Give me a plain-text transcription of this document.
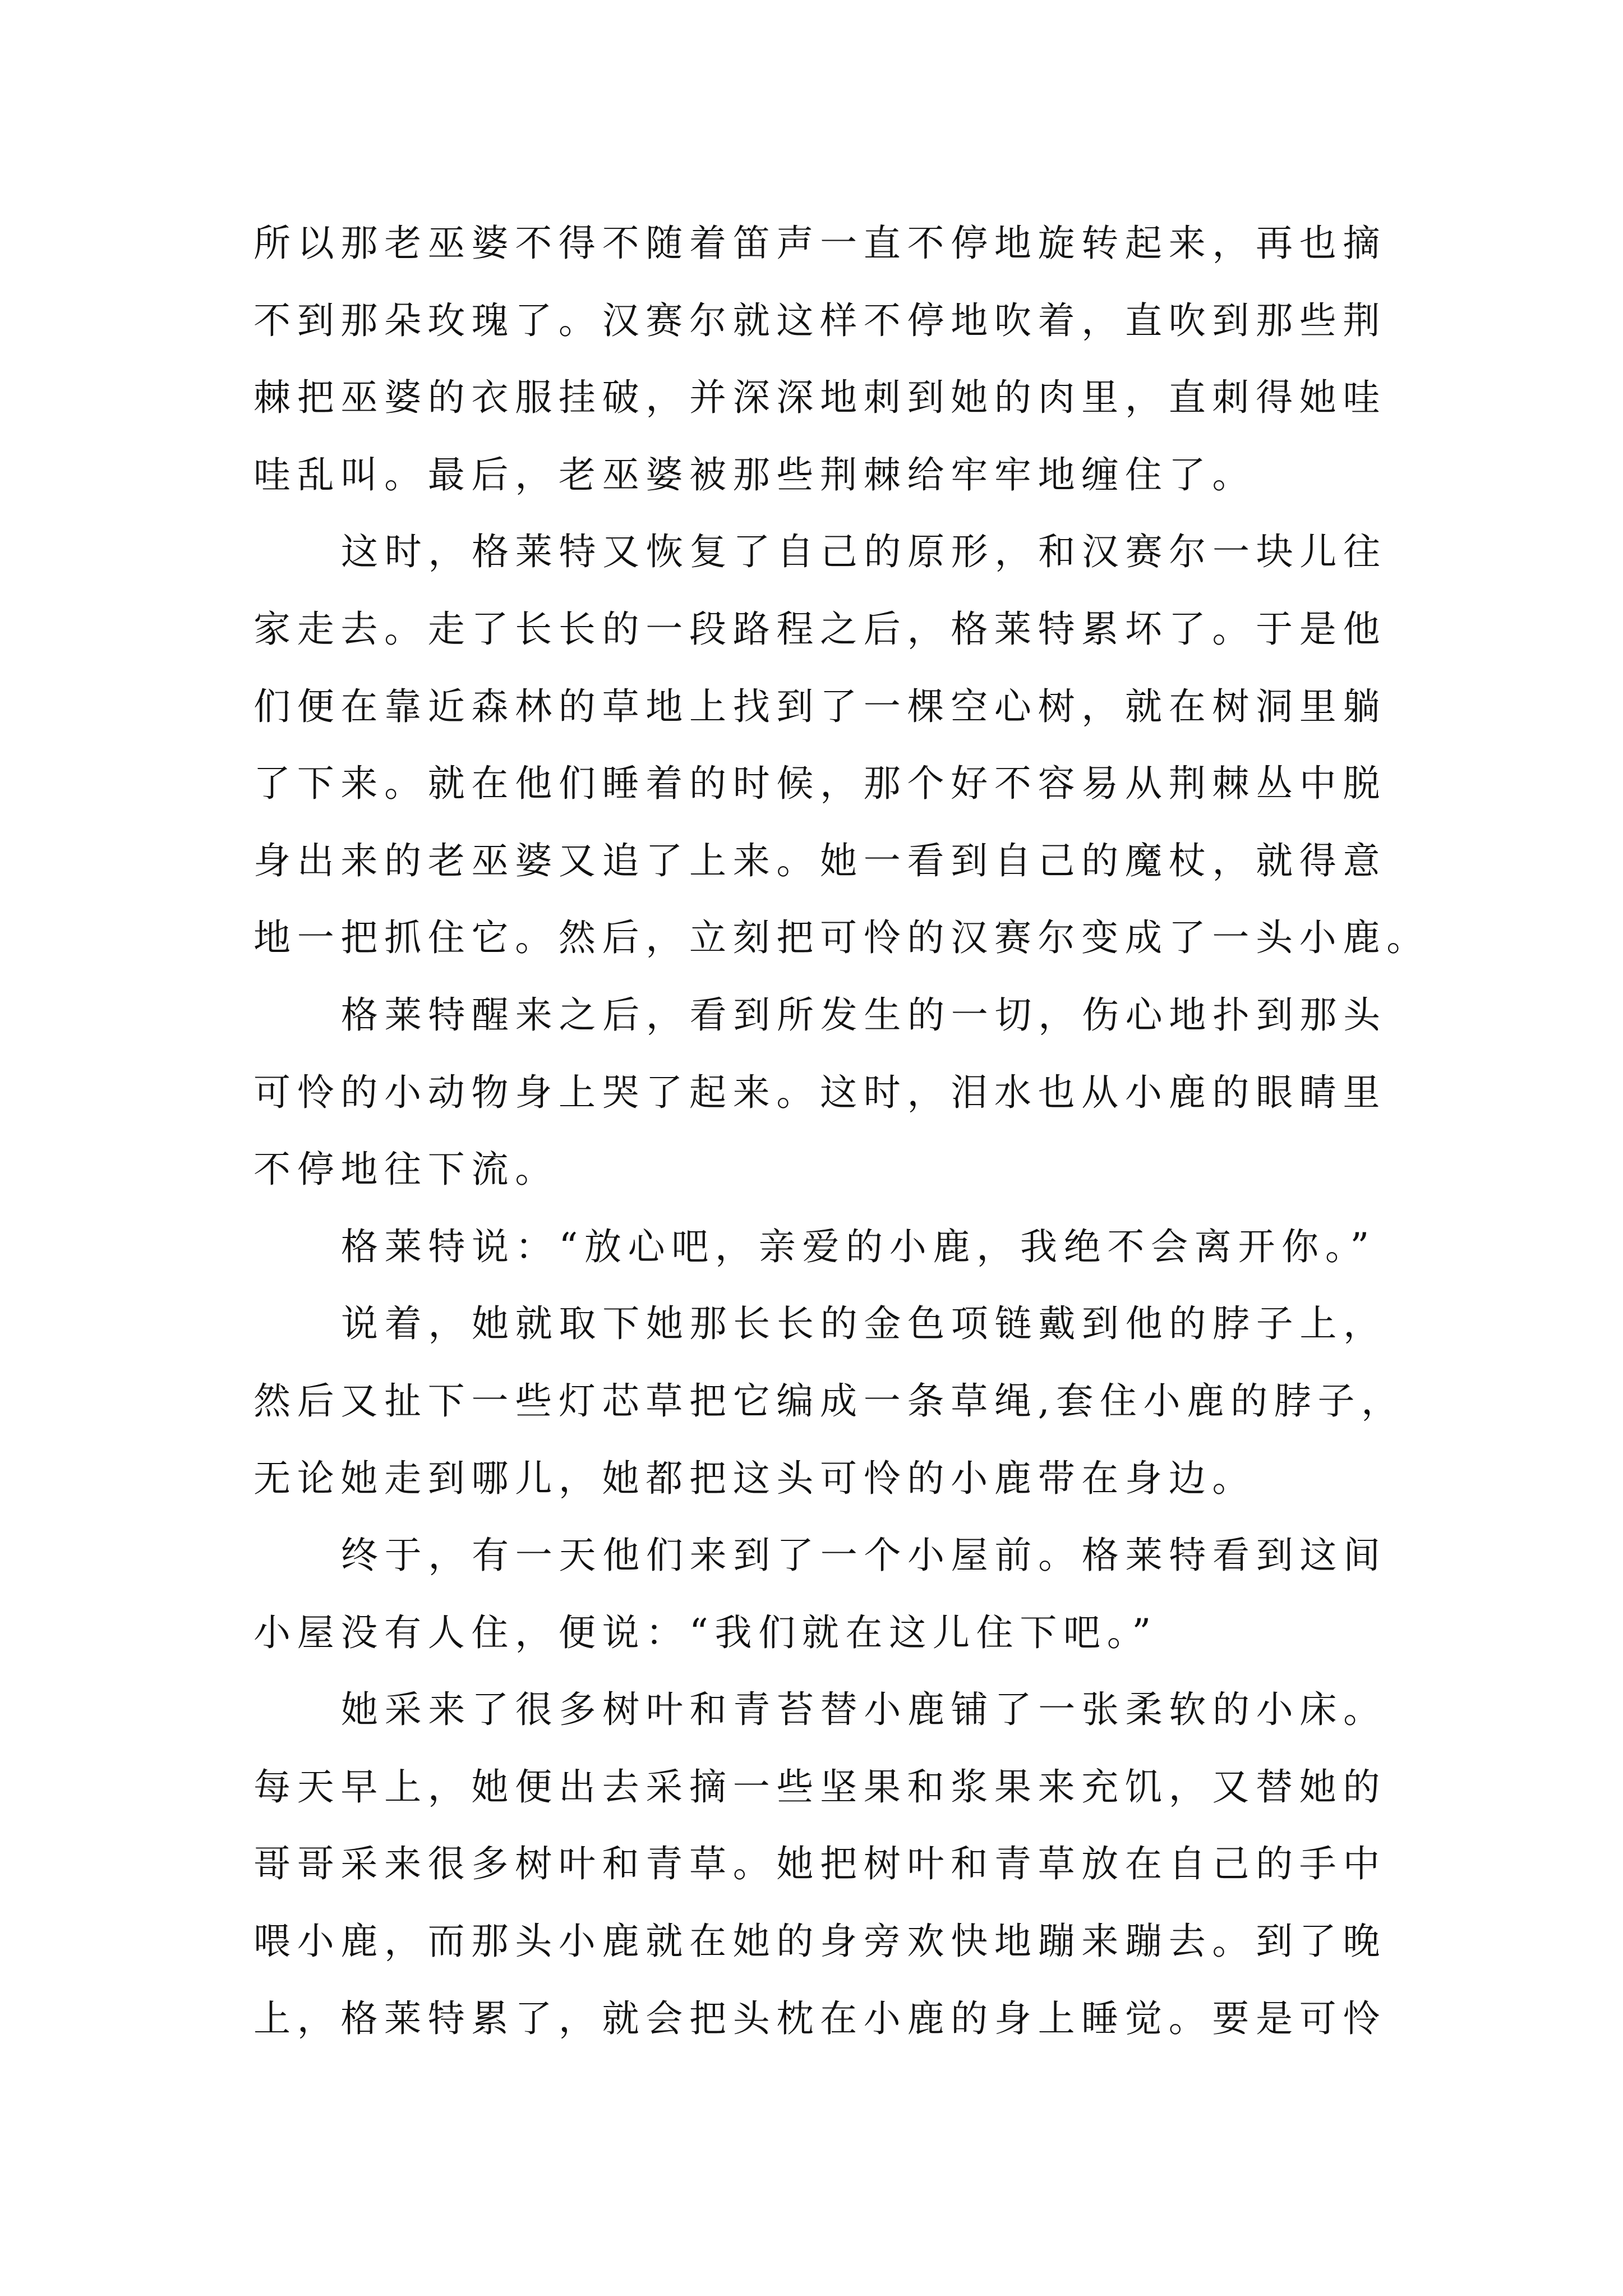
所以那老巫婆不得不随着笛声一直不停地旋转起来，再也摘
不到那朵玫瑰了。汉赛尔就这样不停地吹着，直吹到那些荆
棘把巫婆的衣服挂破，并深深地刺到她的肉里，直刺得她哇
哇乱叫。最后，老巫婆被那些荆棘给牢牢地缠住了。
这时，格莱特又恢复了自己的原形，和汉赛尔一块儿往
家走去。走了长长的一段路程之后，格莱特累坏了。于是他
们便在靠近森林的草地上找到了一棵空心树，就在树洞里躺
了下来。就在他们睡着的时候，那个好不容易从荆棘丛中脱
身出来的老巫婆又追了上来。她一看到自己的魔杖，就得意
地一把抓住它。然后，立刻把可怜的汉赛尔变成了一头小鹿。
格莱特醒来之后，看到所发生的一切，伤心地扑到那头
可怜的小动物身上哭了起来。这时，泪水也从小鹿的眼睛里
不停地往下流。
格莱特说：“放心吧，亲爱的小鹿，我绝不会离开你。”
说着，她就取下她那长长的金色项链戴到他的脖子上，
然后又扯下一些灯芯草把它编成一条草绳,套住小鹿的脖子，
无论她走到哪儿，她都把这头可怜的小鹿带在身边。
终于，有一天他们来到了一个小屋前。格莱特看到这间
小屋没有人住，便说：“我们就在这儿住下吧。”
她采来了很多树叶和青苔替小鹿铺了一张柔软的小床。
每天早上，她便出去采摘一些坚果和浆果来充饥，又替她的
哥哥采来很多树叶和青草。她把树叶和青草放在自己的手中
喂小鹿，而那头小鹿就在她的身旁欢快地蹦来蹦去。到了晚
上，格莱特累了，就会把头枕在小鹿的身上睡觉。要是可怜
